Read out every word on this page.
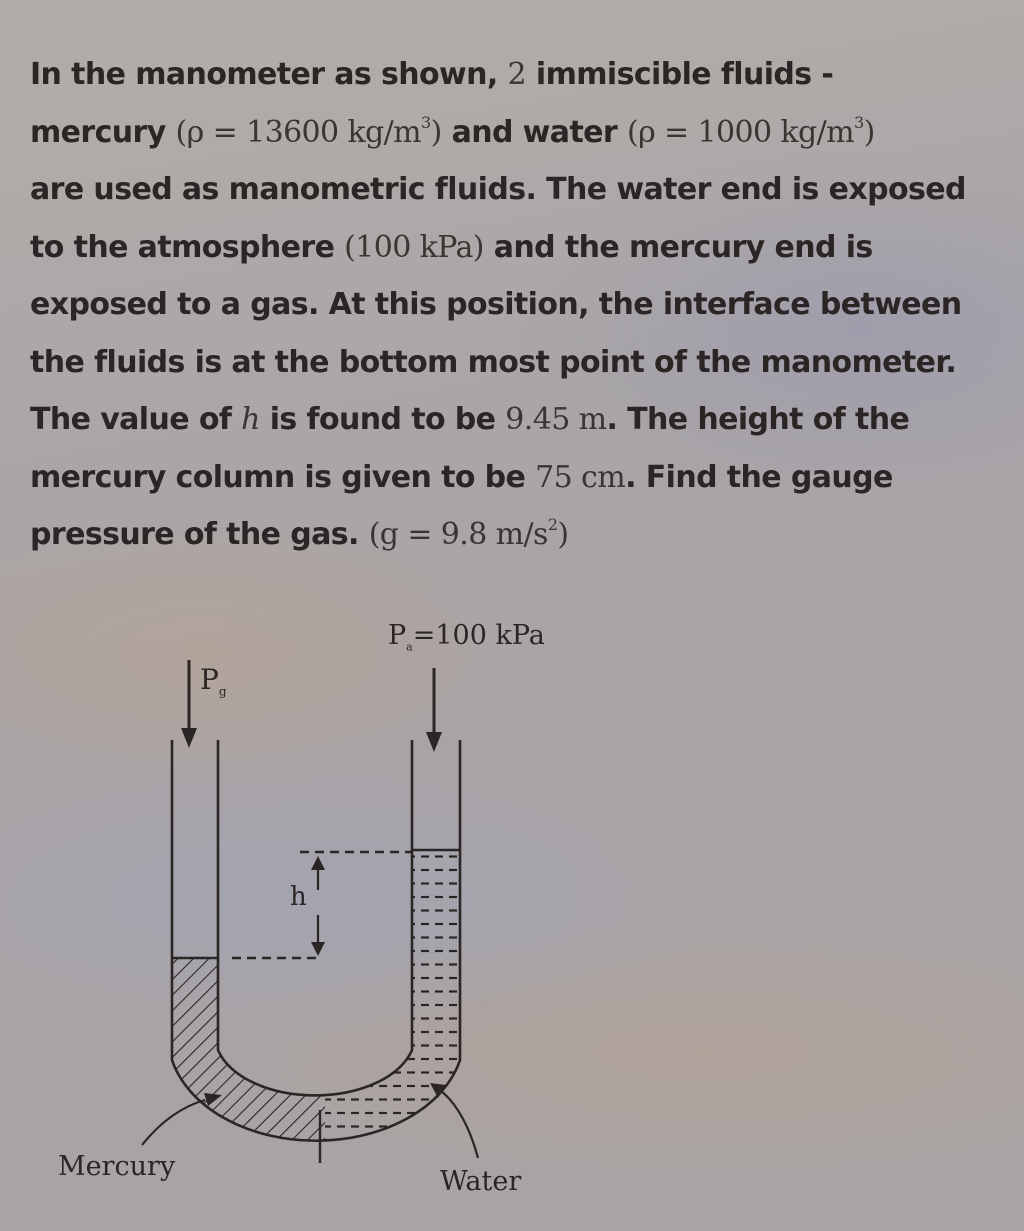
In the manometer as shown, 2 immiscible fluids -
mercury (ρ = 13600 $kg/m^3$) and water (ρ = 1000 $kg/m^3$)
are used as manometric fluids. The water end is exposed
to the atmosphere (100 kPa) and the mercury end is
exposed to a gas. At this position, the interface between
the fluids is at the bottom most point of the manometer.
The value of h is found to be 9.45 m. The height of the
mercury column is given to be 75 cm. Find the gauge
pressure of the gas. (g = 9.8 $m/s^2$)
$P_g$
$P_a=100$ kPa
h
Mercury	Water
